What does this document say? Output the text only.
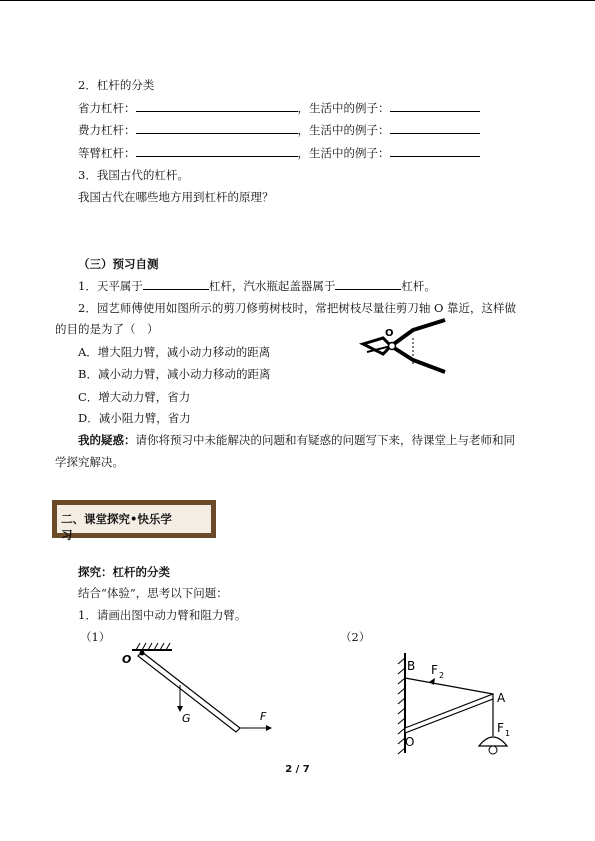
2．杠杆的分类
省力杠杆：	，生活中的例子：
费力杠杆：	，生活中的例子：
等臂杠杆：	，生活中的例子：
3．我国古代的杠杆。
我国古代在哪些地方用到杠杆的原理？
（三）预习自测
1．天平属于	杠杆，汽水瓶起盖器属于	杠杆。
2．园艺师傅使用如图所示的剪刀修剪树枝时，常把树枝尽量往剪刀轴 O 靠近，这样做
的目的是为了（　）
A．增大阻力臂，减小动力移动的距离
B．减小动力臂，减小动力移动的距离
C．增大动力臂，省力
D．减小阻力臂，省力
O
我的疑惑：请你将预习中未能解决的问题和有疑惑的问题写下来，待课堂上与老师和同
学探究解决。
二、课堂探究•快乐学
习
探究：杠杆的分类
结合“体验”，思考以下问题：
1．请画出图中动力臂和阻力臂。
（1）	（2）
O
G	F
B F 2
A
O
F 1
2 / 7
